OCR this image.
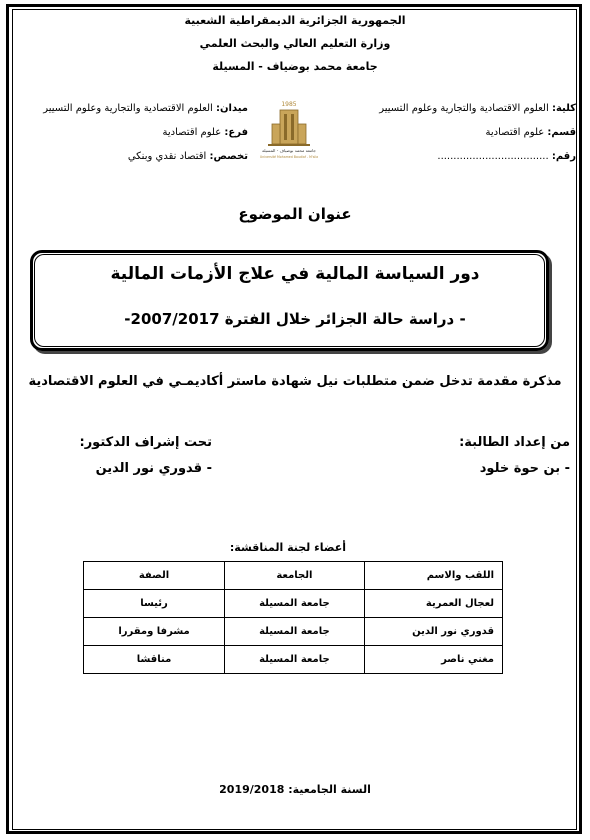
الجمهورية الجزائرية الديمقراطية الشعبية
وزارة التعليم العالي والبحث العلمي
جامعة محمد بوضياف - المسيلة
كلية: العلوم الاقتصادية والتجارية وعلوم التسيير
قسم: علوم اقتصادية
رقم: ...................................
ميدان: العلوم الاقتصادية والتجارية وعلوم التسيير
فرع: علوم اقتصادية
تخصص: اقتصاد نقدي وبنكي
1985
جامعة محمد بوضياف - المسيلة
Université Mohamed Boudiaf - M'sila
عنوان الموضوع
دور السياسة المالية في علاج الأزمات المالية
- دراسة حالة الجزائر خلال الفترة 2007/2017-
مذكرة مقدمة تدخل ضمن متطلبات نيل شهادة ماستر أكاديمـي في العلوم الاقتصادية
من إعداد الطالبة:
- بن حوة خلود
تحت إشراف الدكتور:
- قدوري نور الدين
أعضاء لجنة المناقشة:
اللقب والاسم	الجامعة	الصفة
لعجال العمرية	جامعة المسيلة	رئيسا
قدوري نور الدين	جامعة المسيلة	مشرفا ومقررا
مغني ناصر	جامعة المسيلة	مناقشا
السنة الجامعية: 2019/2018
